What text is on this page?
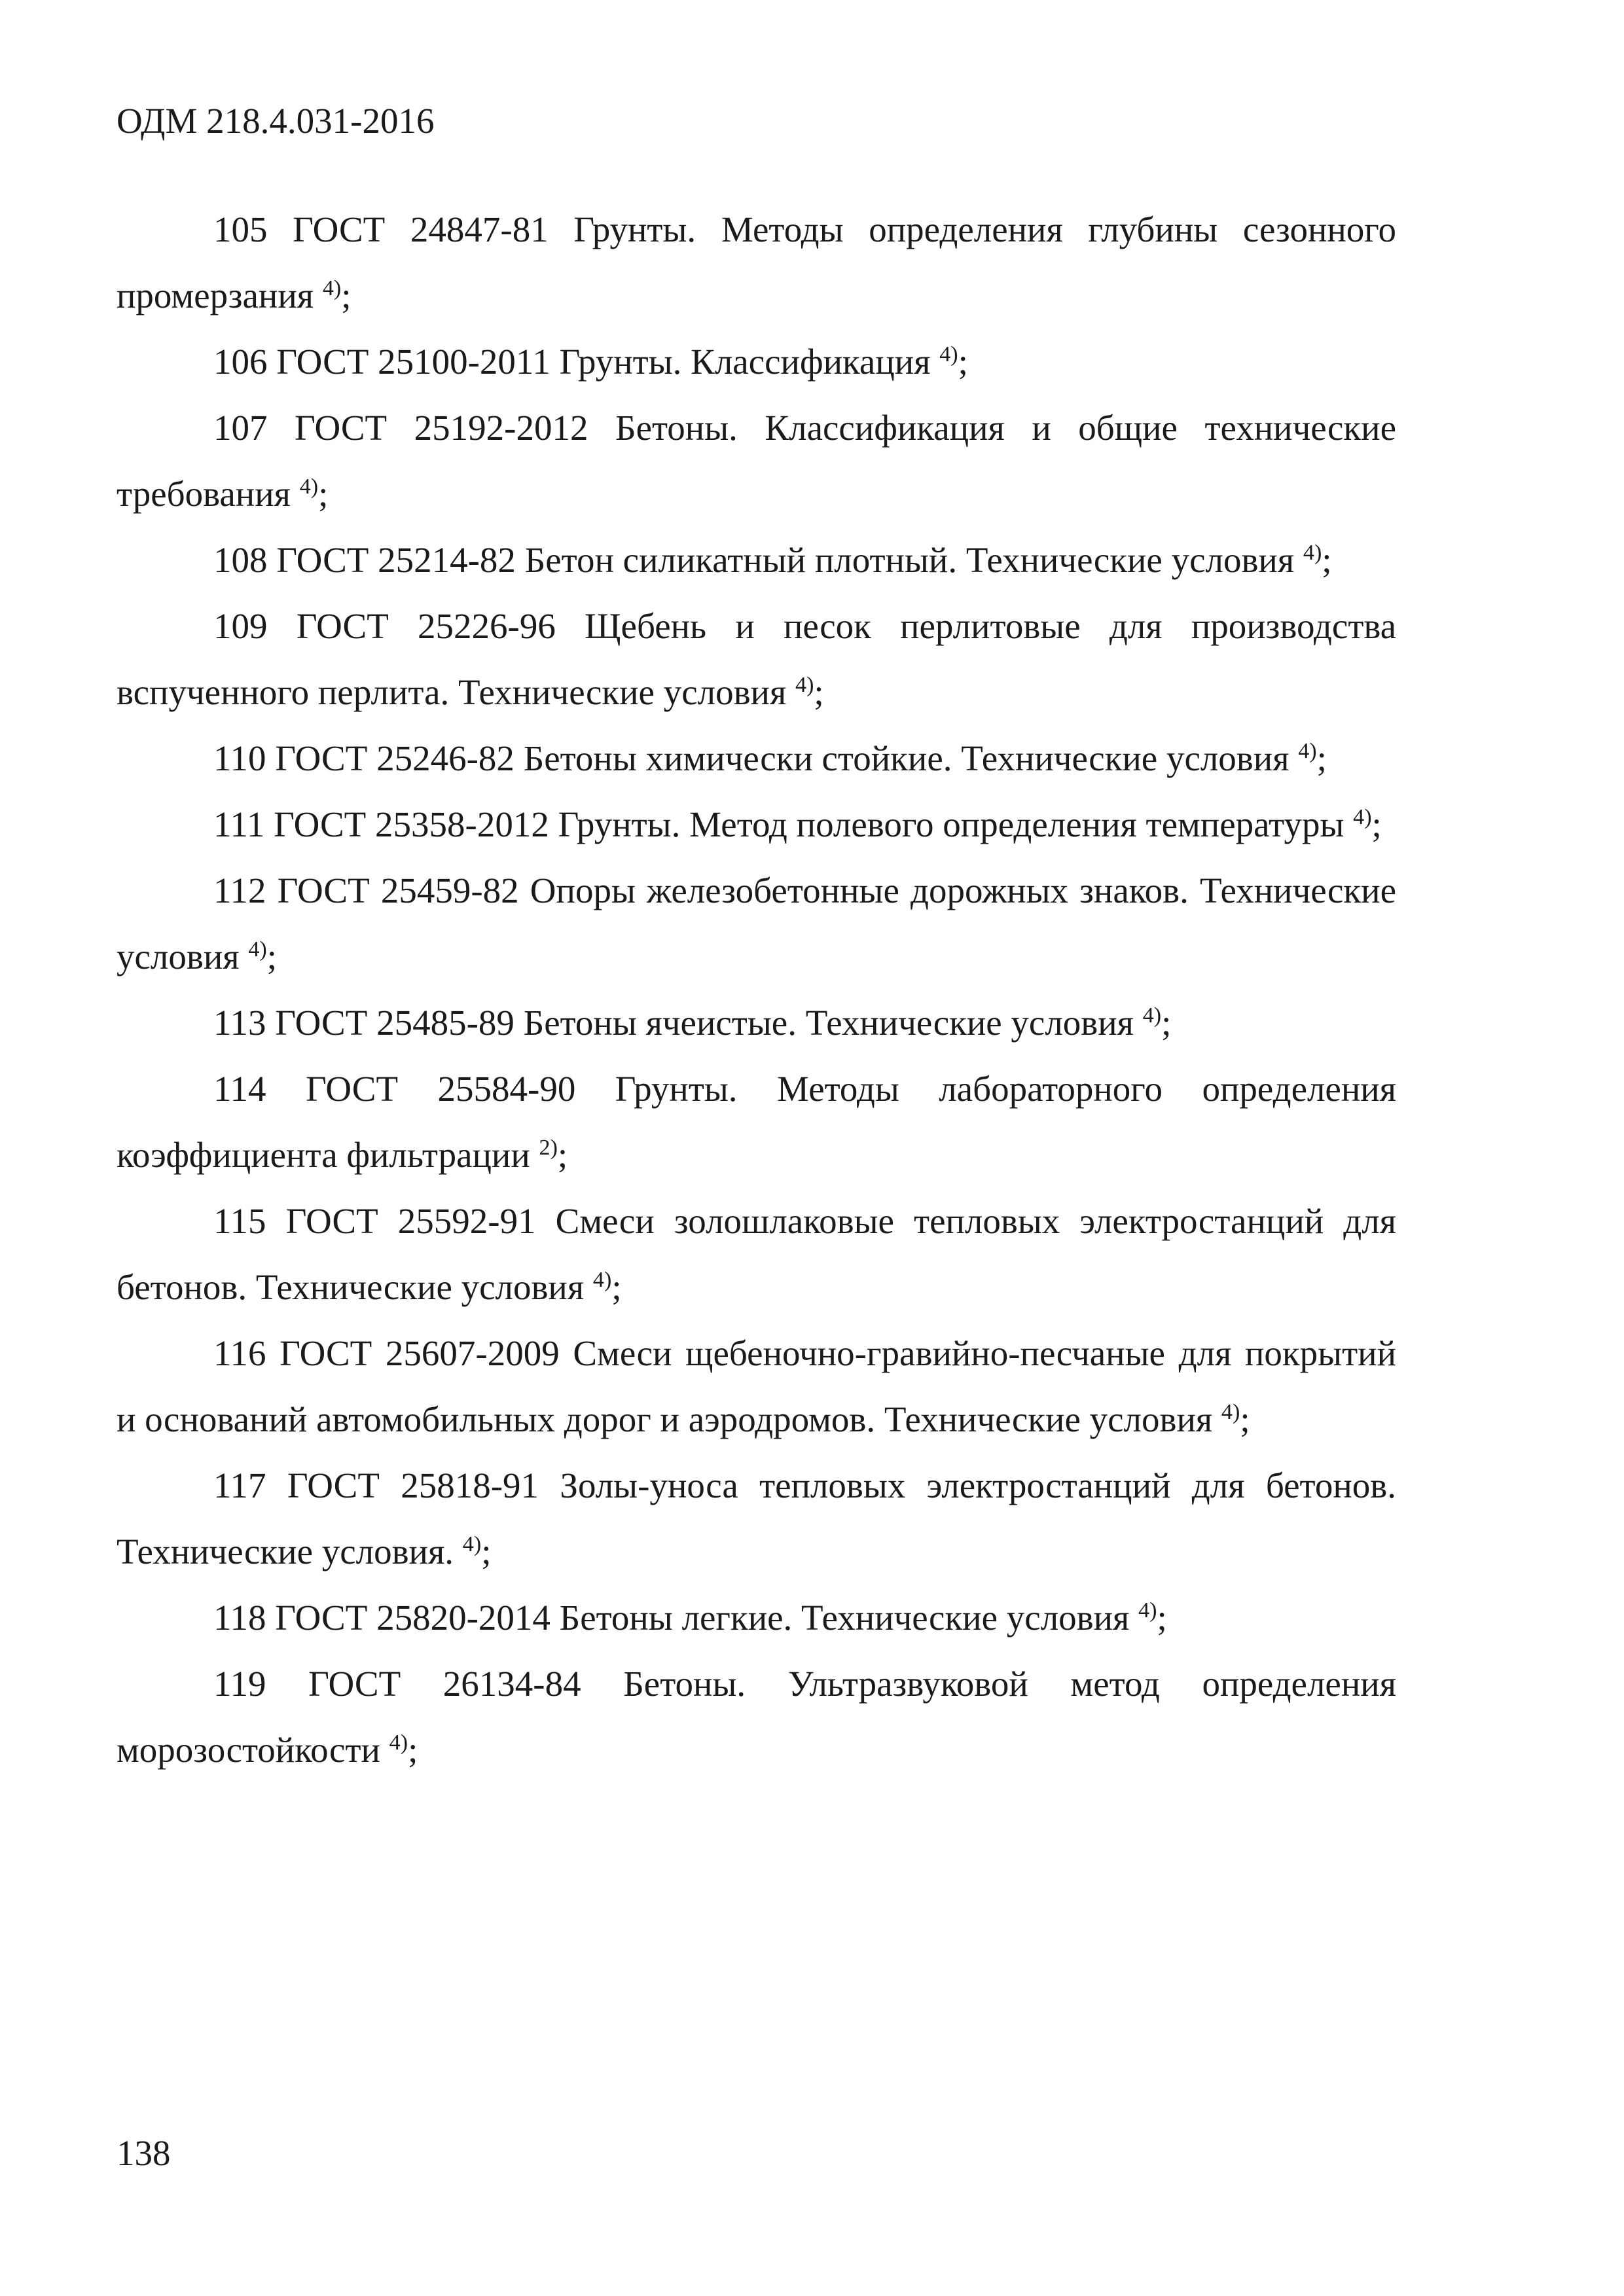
ОДМ 218.4.031-2016

105 ГОСТ 24847-81 Грунты. Методы определения глубины сезонного промерзания $^{4)}$;

106 ГОСТ 25100-2011 Грунты. Классификация $^{4)}$;

107 ГОСТ 25192-2012 Бетоны. Классификация и общие технические требования $^{4)}$;

108 ГОСТ 25214-82 Бетон силикатный плотный. Технические условия $^{4)}$;

109 ГОСТ 25226-96 Щебень и песок перлитовые для производства вспученного перлита. Технические условия $^{4)}$;

110 ГОСТ 25246-82 Бетоны химически стойкие. Технические условия $^{4)}$;

111 ГОСТ 25358-2012 Грунты. Метод полевого определения температуры $^{4)}$;

112 ГОСТ 25459-82 Опоры железобетонные дорожных знаков. Технические условия $^{4)}$;

113 ГОСТ 25485-89 Бетоны ячеистые. Технические условия $^{4)}$;

114 ГОСТ 25584-90 Грунты. Методы лабораторного определения коэффициента фильтрации $^{2)}$;

115 ГОСТ 25592-91 Смеси золошлаковые тепловых электростанций для бетонов. Технические условия $^{4)}$;

116 ГОСТ 25607-2009 Смеси щебеночно-гравийно-песчаные для покрытий и оснований автомобильных дорог и аэродромов. Технические условия $^{4)}$;

117 ГОСТ 25818-91 Золы-уноса тепловых электростанций для бетонов. Технические условия. $^{4)}$;

118 ГОСТ 25820-2014 Бетоны легкие. Технические условия $^{4)}$;

119 ГОСТ 26134-84 Бетоны. Ультразвуковой метод определения морозостойкости $^{4)}$;

138
